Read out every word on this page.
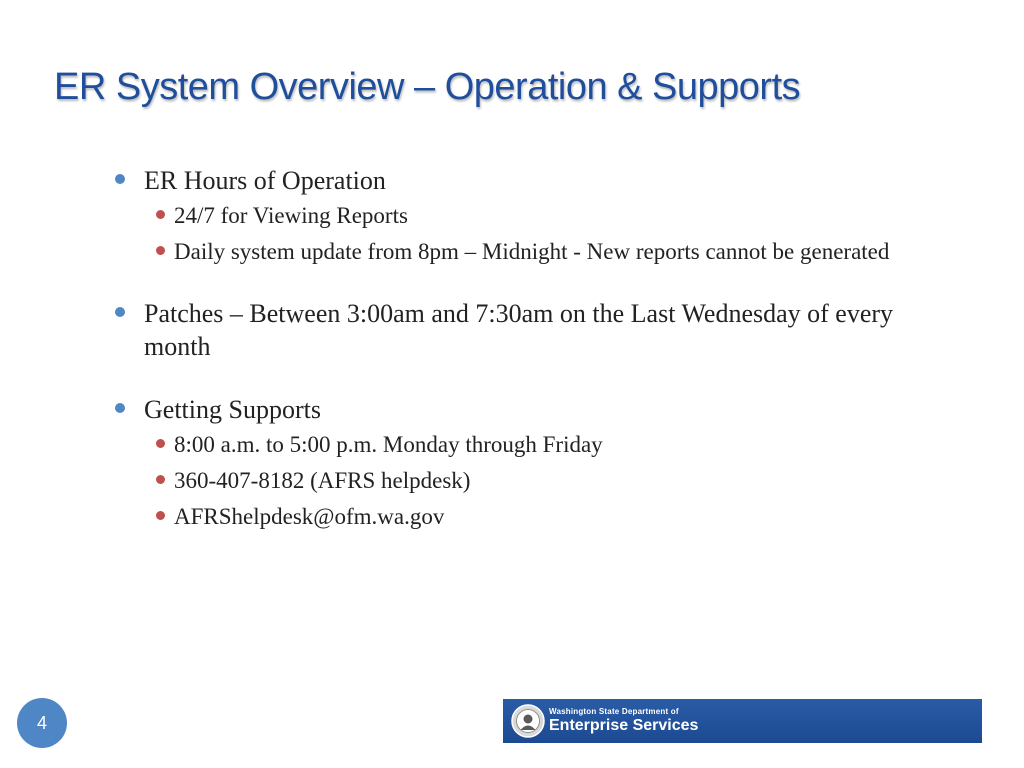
ER System Overview – Operation & Supports
ER Hours of Operation
24/7 for Viewing Reports
Daily system update from 8pm – Midnight - New reports cannot be generated
Patches – Between 3:00am and 7:30am on the Last Wednesday of every month
Getting Supports
8:00 a.m. to 5:00 p.m. Monday through Friday
360-407-8182 (AFRS helpdesk)
AFRShelpdesk@ofm.wa.gov
4
Washington State Department of
Enterprise Services
